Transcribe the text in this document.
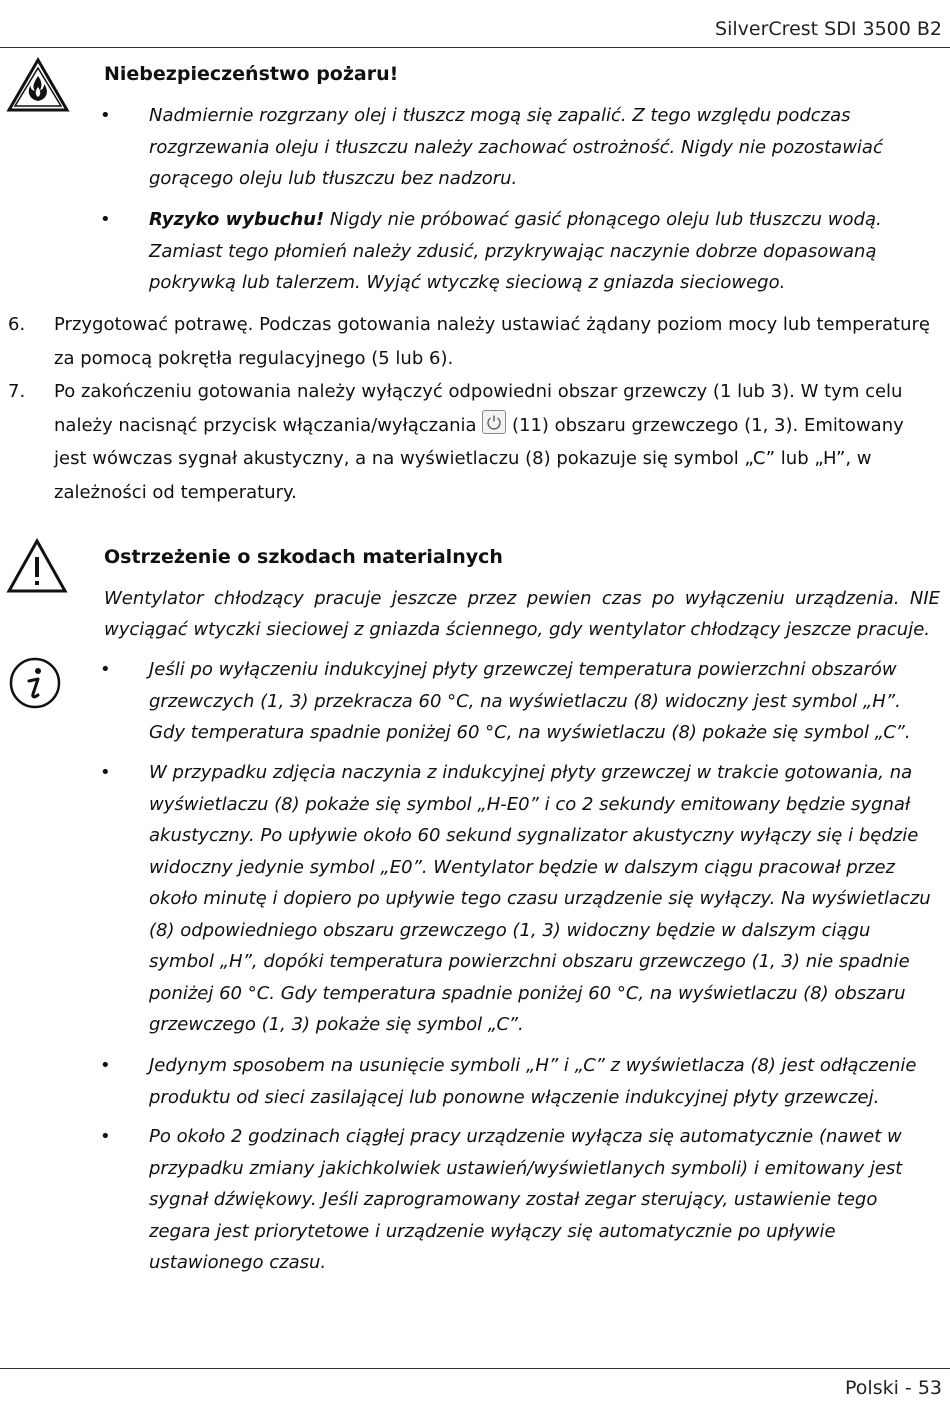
SilverCrest SDI 3500 B2
Niebezpieczeństwo pożaru!
• Nadmiernie rozgrzany olej i tłuszcz mogą się zapalić. Z tego względu podczas rozgrzewania oleju i tłuszczu należy zachować ostrożność. Nigdy nie pozostawiać gorącego oleju lub tłuszczu bez nadzoru.

• Ryzyko wybuchu! Nigdy nie próbować gasić płonącego oleju lub tłuszczu wodą. Zamiast tego płomień należy zdusić, przykrywając naczynie dobrze dopasowaną pokrywką lub talerzem. Wyjąć wtyczkę sieciową z gniazda sieciowego.

6. Przygotować potrawę. Podczas gotowania należy ustawiać żądany poziom mocy lub temperaturę za pomocą pokrętła regulacyjnego (5 lub 6).

7. Po zakończeniu gotowania należy wyłączyć odpowiedni obszar grzewczy (1 lub 3). W tym celu należy nacisnąć przycisk włączania/wyłączania
(11) obszaru grzewczego (1, 3). Emitowany jest wówczas sygnał akustyczny, a na wyświetlaczu (8) pokazuje się symbol „C” lub „H”, w zależności od temperatury.

Ostrzeżenie o szkodach materialnych

Wentylator chłodzący pracuje jeszcze przez pewien czas po wyłączeniu urządzenia. NIE wyciągać wtyczki sieciowej z gniazda ściennego, gdy wentylator chłodzący jeszcze pracuje.

• Jeśli po wyłączeniu indukcyjnej płyty grzewczej temperatura powierzchni obszarów grzewczych (1, 3) przekracza 60 °C, na wyświetlaczu (8) widoczny jest symbol „H”. Gdy temperatura spadnie poniżej 60 °C, na wyświetlaczu (8) pokaże się symbol „C”.

• W przypadku zdjęcia naczynia z indukcyjnej płyty grzewczej w trakcie gotowania, na wyświetlaczu (8) pokaże się symbol „H-E0” i co 2 sekundy emitowany będzie sygnał akustyczny. Po upływie około 60 sekund sygnalizator akustyczny wyłączy się i będzie widoczny jedynie symbol „E0”. Wentylator będzie w dalszym ciągu pracował przez około minutę i dopiero po upływie tego czasu urządzenie się wyłączy. Na wyświetlaczu (8) odpowiedniego obszaru grzewczego (1, 3) widoczny będzie w dalszym ciągu symbol „H”, dopóki temperatura powierzchni obszaru grzewczego (1, 3) nie spadnie poniżej 60 °C. Gdy temperatura spadnie poniżej 60 °C, na wyświetlaczu (8) obszaru grzewczego (1, 3) pokaże się symbol „C”.

• Jedynym sposobem na usunięcie symboli „H” i „C” z wyświetlacza (8) jest odłączenie produktu od sieci zasilającej lub ponowne włączenie indukcyjnej płyty grzewczej.

• Po około 2 godzinach ciągłej pracy urządzenie wyłącza się automatycznie (nawet w przypadku zmiany jakichkolwiek ustawień/wyświetlanych symboli) i emitowany jest sygnał dźwiękowy. Jeśli zaprogramowany został zegar sterujący, ustawienie tego zegara jest priorytetowe i urządzenie wyłączy się automatycznie po upływie ustawionego czasu.

Polski - 53
